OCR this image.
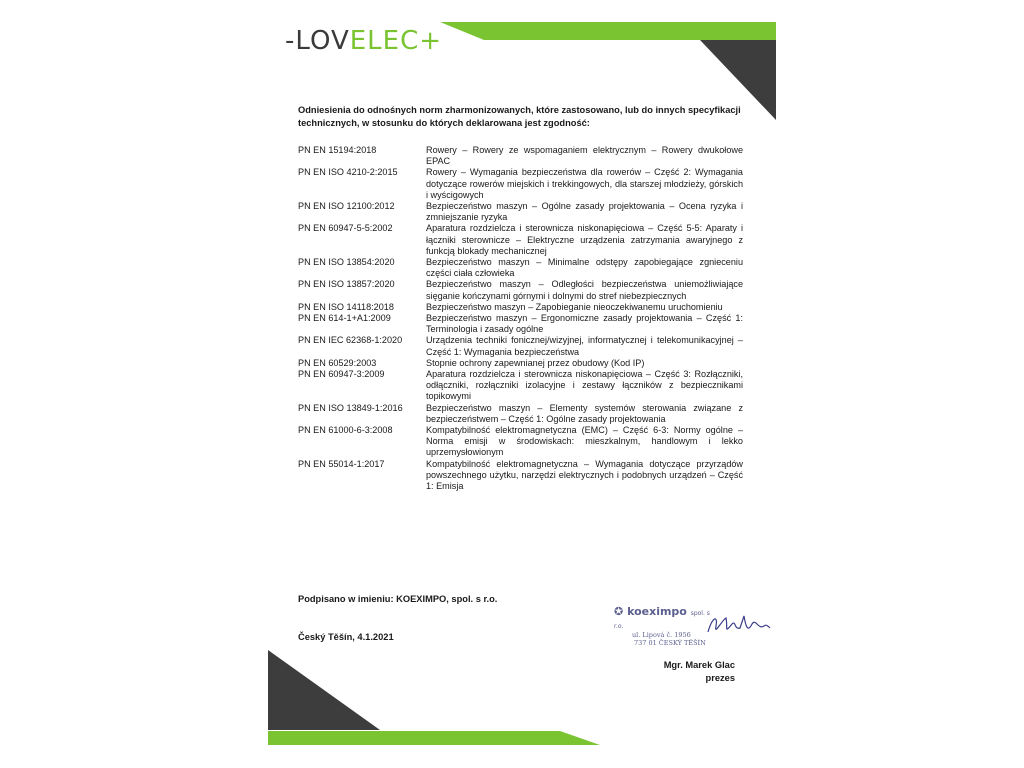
-LOVELEC+
Odniesienia do odnośnych norm zharmonizowanych, które zastosowano, lub do innych specyfikacji technicznych, w stosunku do których deklarowana jest zgodność:
PN EN 15194:2018	Rowery – Rowery ze wspomaganiem elektrycznym – Rowery dwukołowe EPAC
PN EN ISO 4210-2:2015	Rowery – Wymagania bezpieczeństwa dla rowerów – Część 2: Wymagania dotyczące rowerów miejskich i trekkingowych, dla starszej młodzieży, górskich i wyścigowych
PN EN ISO 12100:2012	Bezpieczeństwo maszyn – Ogólne zasady projektowania – Ocena ryzyka i zmniejszanie ryzyka
PN EN 60947-5-5:2002	Aparatura rozdzielcza i sterownicza niskonapięciowa – Część 5-5: Aparaty i łączniki sterownicze – Elektryczne urządzenia zatrzymania awaryjnego z funkcją blokady mechanicznej
PN EN ISO 13854:2020	Bezpieczeństwo maszyn – Minimalne odstępy zapobiegające zgnieceniu części ciała człowieka
PN EN ISO 13857:2020	Bezpieczeństwo maszyn – Odległości bezpieczeństwa uniemożliwiające sięganie kończynami górnymi i dolnymi do stref niebezpiecznych
PN EN ISO 14118:2018	Bezpieczeństwo maszyn – Zapobieganie nieoczekiwanemu uruchomieniu
PN EN 614-1+A1:2009	Bezpieczeństwo maszyn – Ergonomiczne zasady projektowania – Część 1: Terminologia i zasady ogólne
PN EN IEC 62368-1:2020	Urządzenia techniki fonicznej/wizyjnej, informatycznej i telekomunikacyjnej – Część 1: Wymagania bezpieczeństwa
PN EN 60529:2003	Stopnie ochrony zapewnianej przez obudowy (Kod IP)
PN EN 60947-3:2009	Aparatura rozdzielcza i sterownicza niskonapięciowa – Część 3: Rozłączniki, odłączniki, rozłączniki izolacyjne i zestawy łączników z bezpiecznikami topikowymi
PN EN ISO 13849-1:2016	Bezpieczeństwo maszyn – Elementy systemów sterowania związane z bezpieczeństwem – Część 1: Ogólne zasady projektowania
PN EN 61000-6-3:2008	Kompatybilność elektromagnetyczna (EMC) – Część 6-3: Normy ogólne – Norma emisji w środowiskach: mieszkalnym, handlowym i lekko uprzemysłowionym
PN EN 55014-1:2017	Kompatybilność elektromagnetyczna – Wymagania dotyczące przyrządów powszechnego użytku, narzędzi elektrycznych i podobnych urządzeń – Część 1: Emisja
Podpisano w imieniu: KOEXIMPO, spol. s r.o.
Český Těšín, 4.1.2021
✪ koeximpo spol. s r.o.
ul. Lipová č. 1956
737 01 ČESKÝ TĚŠÍN
Mgr. Marek Glac
prezes
